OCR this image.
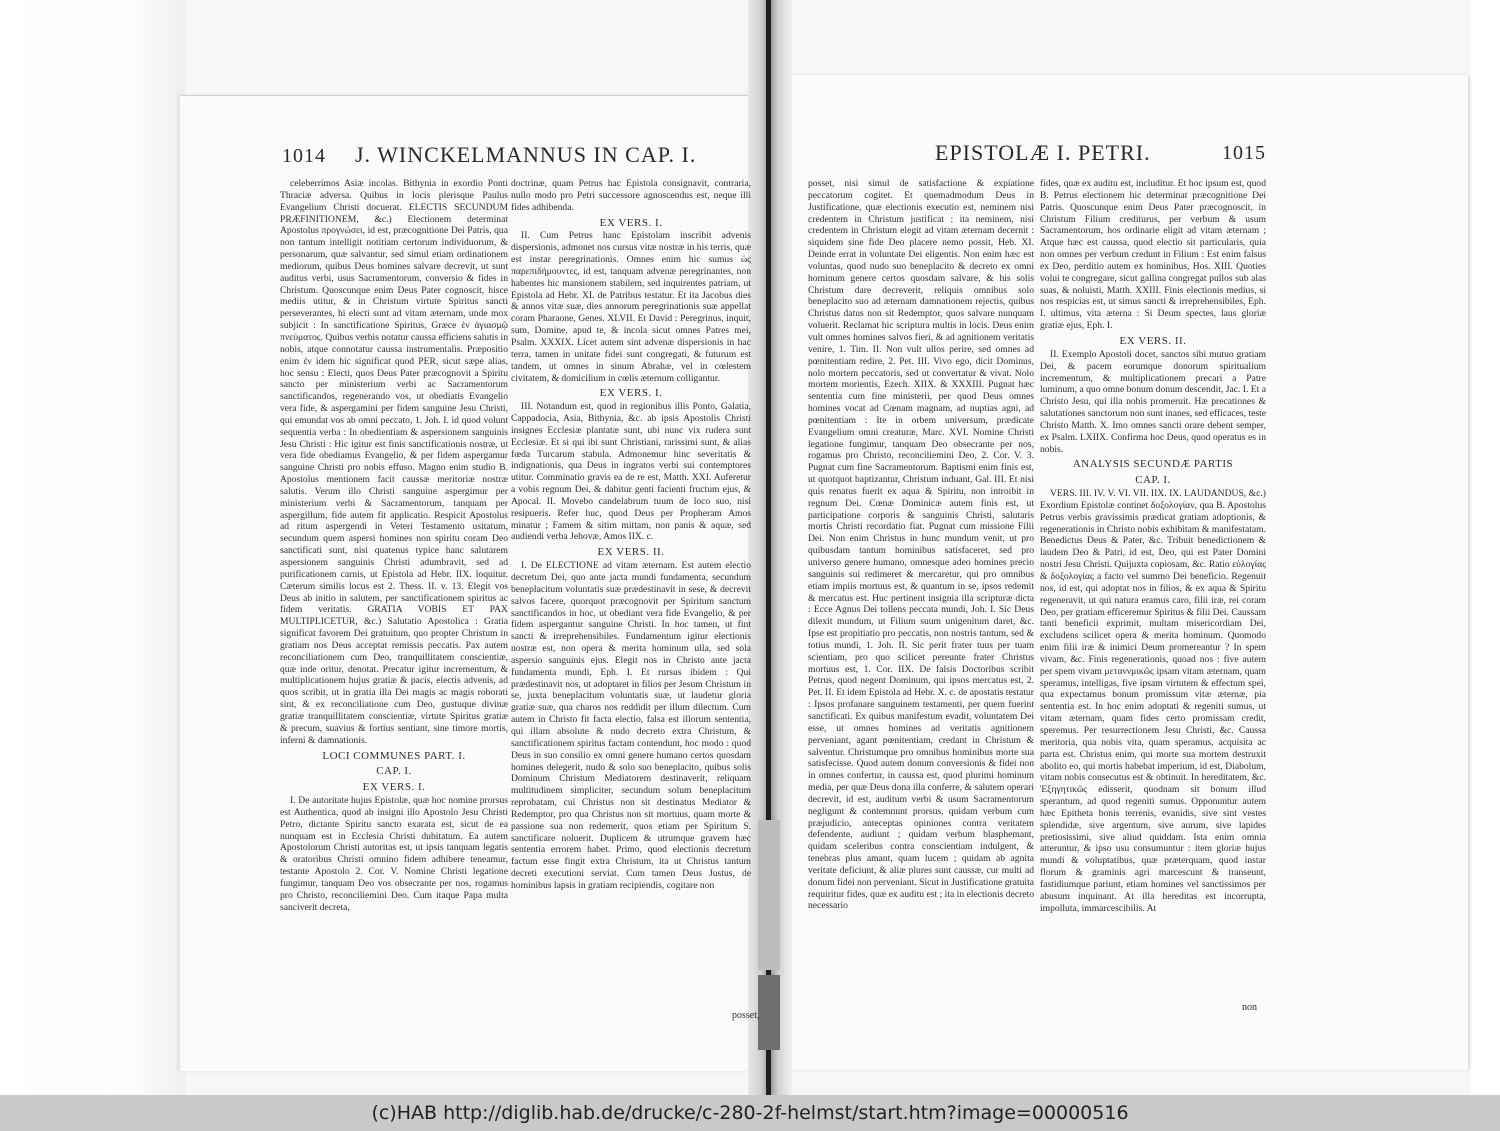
1014 J. WINCKELMANNUS IN CAP. I.	EPISTOLÆ I. PETRI.	1015

celeberrimos Asiæ incolas. Bithynia in exordio Ponti Thraciæ adversa. Quibus in locis plerisque Paulus Evangelium Christi docuerat. ELECTIS SECUNDUM PRÆFINITIONEM, &c.) Electionem determinat Apostolus προγνώσει, id est, præcognitione Dei Patris, qua non tantum intelligit notitiam certorum individuorum, & personarum, quæ salvantur, sed simul etiam ordinationem mediorum, quibus Deus homines salvare decrevit, ut sunt auditus verbi, usus Sacramentorum, conversio & fides in Christum. Quoscunque enim Deus Pater cognoscit, hisce mediis utitur, & in Christum virtute Spiritus sancti perseverantes, hi electi sunt ad vitam æternam, unde mox subjicit : In sanctificatione Spiritus, Græce ἐν ἁγιασμῷ πνεύματος. Quibus verbis notatur caussa efficiens salutis in nobis, atque connotatur caussa instrumentalis. Præpositio enim ἐν idem hic significat quod PER, sicut sæpe alias, hoc sensu : Electi, quos Deus Pater præcognovit a Spiritu sancto per ministerium verbi ac Sacramentorum sanctificandos, regenerando vos, ut obediatis Evangelio vera fide, & aspergamini per fidem sanguine Jesu Christi, qui emundat vos ab omni peccato, 1. Joh. I. id quod volunt sequentia verba : In obedientiam & aspersionem sanguinis Jesu Christi : Hic igitur est finis sanctificationis nostræ, ut vera fide obediamus Evangelio, & per fidem aspergamur sanguine Christi pro nobis effuso. Magno enim studio B. Apostolus mentionem facit caussæ meritoriæ nostræ salutis. Verum illo Christi sanguine aspergimur per ministerium verbi & Sacramentorum, tanquam per aspergillum, fide autem fit applicatio. Respicit Apostolus ad ritum aspergendi in Veteri Testamento usitatum, secundum quem aspersi homines non spiritu coram Deo sanctificati sunt, nisi quatenus typice hanc salutarem aspersionem sanguinis Christi adumbravit, sed ad purificationem carnis, ut Epistola ad Hebr. IIX. loquitur. Cæterum similis locus est 2. Thess. II. v. 13. Elegit vos Deus ab initio in salutem, per sanctificationem spiritus ac fidem veritatis. GRATIA VOBIS ET PAX MULTIPLICETUR, &c.) Salutatio Apostolica : Gratia significat favorem Dei gratuitum, quo propter Christum in gratiam nos Deus acceptat remissis peccatis. Pax autem reconciliationem cum Deo, tranquillitatem conscientiæ, quæ inde oritur, denotat. Precatur igitur incrementum, & multiplicationem hujus gratiæ & pacis, electis advenis, ad quos scribit, ut in gratia illa Dei magis ac magis roborati sint, & ex reconciliatione cum Deo, gustuque divinæ gratiæ tranquillitatem conscientiæ, virtute Spiritus gratiæ & precum, suavius & fortius sentiant, sine timore mortis, inferni & damnationis.

LOCI COMMUNES PART. I.
CAP. I.
EX VERS. I.

I. De autoritate hujus Epistolæ, quæ hoc nomine prorsus est Authentica, quod ab insigni illo Apostolo Jesu Christi Petro, dictante Spiritu sancto exarata est, sicut de ea nunquam est in Ecclesia Christi dubitatum. Ea autem Apostolorum Christi autoritas est, ut ipsis tanquam legatis & oratoribus Christi omnino fidem adhibere teneamur, testante Apostolo 2. Cor. V. Nomine Christi legatione fungimur, tanquam Deo vos obsecrante per nos, rogamus pro Christo, reconciliemini Deo. Cum itaque Papa multa sanciverit decreta,

doctrinæ, quam Petrus hac Epistola consignavit, contraria, nullo modo pro Petri successore agnoscendus est, neque illi fides adhibenda.

EX VERS. I.

II. Cum Petrus hanc Epistolam inscribit advenis dispersionis, admonet nos cursus vitæ nostræ in his terris, quæ est instar peregrinationis. Omnes enim hic sumus ὡς παρεπιδήμουντες, id est, tanquam advenæ peregrinantes, non habentes hic mansionem stabilem, sed inquirentes patriam, ut Epistola ad Hebr. XI. de Patribus testatur. Et ita Jacobus dies & annos vitæ suæ, dies annorum peregrinationis suæ appellat coram Pharaone, Genes. XLVII. Et David : Peregrinus, inquit, sum, Domine, apud te, & incola sicut omnes Patres mei, Psalm. XXXIX. Licet autem sint advenæ dispersionis in hac terra, tamen in unitate fidei sunt congregati, & futurum est tandem, ut omnes in sinum Abrahæ, vel in cœlestem civitatem, & domicilium in cœlis æternum colligantur.

EX VERS. I.

III. Notandum est, quod in regionibus illis Ponto, Galatia, Cappadocia, Asia, Bithynia, &c. ab ipsis Apostolis Christi insignes Ecclesiæ plantatæ sunt, ubi nunc vix rudera sunt Ecclesiæ. Et si qui ibi sunt Christiani, rarissimi sunt, & alias fœda Turcarum stabula. Admonemur hinc severitatis & indignationis, qua Deus in ingratos verbi sui contemptores utitur. Comminatio gravis ea de re est, Matth. XXI. Auferetur a vobis regnum Dei, & dabitur genti facienti fructum ejus, & Apocal. II. Movebo candelabrum tuum de loco suo, nisi resipueris. Refer huc, quod Deus per Propheram Amos minatur ; Famem & sitim mittam, non panis & aquæ, sed audiendi verba Jehovæ, Amos IIX. c.

EX VERS. II.

I. De ELECTIONE ad vitam æternam. Est autem electio decretum Dei, quo ante jacta mundi fundamenta, secundum beneplacitum voluntatis suæ prædestinavit in sese, & decrevit salvos facere, quorquot præcognovit per Spiritum sanctum sanctificandos in hoc, ut obediant vera fide Evangelio, & per fidem aspergantur sanguine Christi. In hoc tamen, ut fint sancti & irreprehensibiles. Fundamentum igitur electionis nostræ est, non opera & merita hominum ulla, sed sola aspersio sanguinis ejus. Elegit nos in Christo ante jacta fundamenta mundi, Eph. I. Et rursus ibidem : Qui prædestinavit nos, ut adoptaret in filios per Jesum Christum in se, juxta beneplacitum voluntatis suæ, ut laudetur gloria gratiæ suæ, qua charos nos reddidit per illum dilectum. Cum autem in Christo fit facta electio, falsa est illorum sententia, qui illam absolute & nudo decreto extra Christum, & sanctificationem spiritus factam contendunt, hoc modo : quod Deus in suo consilio ex omni genere humano certos quosdam homines delegerit, nudo & solo suo beneplacito, quibus solis Dominum Christum Mediatorem destinaverit, reliquam multitudinem simpliciter, secundum solum beneplacitum reprobatam, cui Christus non sit destinatus Mediator & Redemptor, pro qua Christus non sit mortuus, quam morte & passione sua non redemerit, quos etiam per Spiritum S. sanctificare noluerit. Duplicem & utrumque gravem hæc sententia errorem habet. Primo, quod electionis decretum factum esse fingit extra Christum, ita ut Christus tantum decreti executioni serviat. Cum tamen Deus Justus, de hominibus lapsis in gratiam recipiendis, cogitare non

posset,

posset, nisi simul de satisfactione & expiatione peccatorum cogitet. Et quemadmodum Deus in Justificatione, quæ electionis executio est, neminem nisi credentem in Christum justificat : ita neminem, nisi credentem in Christum elegit ad vitam æternam decernit : siquidem sine fide Deo placere nemo possit, Heb. XI. Deinde errat in voluntate Dei eligentis. Non enim hæc est voluntas, quod nudo suo beneplacito & decreto ex omni hominum genere certos quosdam salvare, & his solis Christum dare decreverit, reliquis omnibus solo beneplacito suo ad æternam damnationem rejectis, quibus Christus datus non sit Redemptor, quos salvare nunquam voluerit. Reclamat hic scriptura multis in locis. Deus enim vult omnes homines salvos fieri, & ad agnitionem veritatis venire, 1. Tim. II. Non vult ullos perire, sed omnes ad pœnitentiam redire, 2. Pet. III. Vivo ego, dicit Dominus, nolo mortem peccatoris, sed ut convertatur & vivat. Nolo mortem morientis, Ezech. XIIX. & XXXIII. Pugnat hæc sententia cum fine ministerii, per quod Deus omnes homines vocat ad Cœnam magnam, ad nuptias agni, ad pœnitentiam : Ite in orbem universum, prædicate Evangelium omni creaturæ, Marc. XVI. Nomine Christi legatione fungimur, tanquam Deo obsecrante per nos, rogamus pro Christo, reconciliemini Deo, 2. Cor. V. 3. Pugnat cum fine Sacramentorum. Baptismi enim finis est, ut quotquot baptizantur, Christum induant, Gal. III. Et nisi quis renatus fuerit ex aqua & Spiritu, non introibit in regnum Dei. Cœnæ Dominicæ autem finis est, ut participatione corporis & sanguinis Christi, salutaris mortis Christi recordatio fiat. Pugnat cum missione Filii Dei. Non enim Christus in hunc mundum venit, ut pro quibusdam tantum hominibus satisfaceret, sed pro universo genere humano, omnesque adeo homines precio sanguinis sui redimeret & mercaretur, qui pro omnibus etiam impiis mortuus est, & quantum in se, ipsos redemit & mercatus est. Huc pertinent insignia illa scripturæ dicta : Ecce Agnus Dei tollens peccata mundi, Joh. I. Sic Deus dilexit mundum, ut Filium suum unigenitum daret, &c. Ipse est propitiatio pro peccatis, non nostris tantum, sed & totius mundi, 1. Joh. II. Sic perit frater tuus per tuam scientiam, pro quo scilicet pereunte frater Christus mortuus est, 1. Cor. IIX. De falsis Doctoribus scribit Petrus, quod negent Dominum, qui ipsos mercatus est, 2. Pet. II. Et idem Epistola ad Hebr. X. c. de apostatis testatur : Ipsos profanare sanguinem testamenti, per quem fuerint sanctificati. Ex quibus manifestum evadit, voluntatem Dei esse, ut omnes homines ad veritatis agnitionem perveniant, agant pœnitentiam, credant in Christum & salventur. Christumque pro omnibus hominibus morte sua satisfecisse. Quod autem donum conversionis & fidei non in omnes confertur, in caussa est, quod plurimi hominum media, per quæ Deus dona illa conferre, & salutem operari decrevit, id est, auditum verbi & usum Sacramentorum negligunt & contemnunt prorsus, quidam verbum cum præjudicio, anteceptas opiniones contra veritatem defendente, audiunt ; quidam verbum blasphemant, quidam sceleribus contra conscientiam indulgent, & tenebras plus amant, quam lucem ; quidam ab agnita veritate deficiunt, & aliæ plures sunt caussæ, cur multi ad donum fidei non perveniant. Sicut in Justificatione gratuita requiritur fides, quæ ex auditu est ; ita in electionis decreto necessario

fides, quæ ex auditu est, includitur. Et hoc ipsum est, quod B. Petrus electionem hic determinat præcognitione Dei Patris. Quoscunque enim Deus Pater præcognoscit, in Christum Filium crediturus, per verbum & usum Sacramentorum, hos ordinarie eligit ad vitam æternam ; Atque hæc est caussa, quod electio sit particularis, quia non omnes per verbum credunt in Filium : Est enim falsus ex Deo, perditio autem ex hominibus, Hos. XIII. Quoties volui te congregare, sicut gallina congregat pullos sub alas suas, & noluisti, Matth. XXIII. Finis electionis medius, si nos respicias est, ut simus sancti & irreprehensibiles, Eph. I. ultimus, vita æterna : Si Deum spectes, laus gloriæ gratiæ ejus, Eph. I.

EX VERS. II.

II. Exemplo Apostoli docet, sanctos sibi mutuo gratiam Dei, & pacem eorumque donorum spiritualium incrementum, & multiplicationem precari a Patre luminum, a quo omne bonum donum descendit, Jac. I. Et a Christo Jesu, qui illa nobis promeruit. Hæ precationes & salutationes sanctorum non sunt inanes, sed efficaces, teste Christo Matth. X. Imo omnes sancti orare debent semper, ex Psalm. LXIIX. Confirma hoc Deus, quod operatus es in nobis.

ANALYSIS SECUNDÆ PARTIS
CAP. I.

VERS. III. IV. V. VI. VII. IIX. IX. LAUDANDUS, &c.) Exordium Epistolæ continet δοξολογίαν, qua B. Apostolus Petrus verbis gravissimis prædicat gratiam adoptionis, & regenerationis in Christo nobis exhibitam & manifestatam. Benedictus Deus & Pater, &c. Tribuit benedictionem & laudem Deo & Patri, id est, Deo, qui est Pater Domini nostri Jesu Christi. Quijuxta copiosam, &c. Ratio εὐλογίας & δοξολογίας a facto vel summo Dei beneficio. Regenuit nos, id est, qui adoptat nos in filios, & ex aqua & Spiritu regeneravit, ut qui natura eramus caro, filii iræ, rei coram Deo, per gratiam efficeremur Spiritus & filii Dei. Caussam tanti beneficii exprimit, multam misericordiam Dei, excludens scilicet opera & merita hominum. Quomodo enim filii iræ & inimici Deum promereantur ? In spem vivam, &c. Finis regenerationis, quoad nos : five autem per spem vivam μεταννμικῶς ipsam vitam æternam, quam speramus, intelligas, five ipsam virtutem & effectum spei, qua expectamus bonum promissum vitæ æternæ, pia sententia est. In hoc enim adoptati & regeniti sumus, ut vitam æternam, quam fides certo promissam credit, speremus. Per resurrectionem Jesu Christi, &c. Caussa meritoria, qua nobis vita, quam speramus, acquisita ac parta est. Christus enim, qui morte sua mortem destruxit abolito eo, qui mortis habebat imperium, id est, Diabolum, vitam nobis consecutus est & obtinuit. In hereditatem, &c. Ἐξηγητικῶς edisserit, quodnam sit bonum illud sperantum, ad quod regeniti sumus. Opponuntur autem hæc Epitheta bonis terrenis, evanidis, sive sint vestes splendidæ, sive argentum, sive aurum, sive lapides pretiosissimi, sive aliud quiddam. Ista enim omnia atteruntur, & ipso usu consumuntur : item gloriæ hujus mundi & voluptatibus, quæ præterquam, quod instar florum & graminis agri marcescunt & transeunt, fastidiumque pariunt, etiam homines vel sanctissimos per abusum inquinant. At illa hereditas est incorrupta, impolluta, immarcescibilis. At

non
(c)HAB http://diglib.hab.de/drucke/c-280-2f-helmst/start.htm?image=00000516
